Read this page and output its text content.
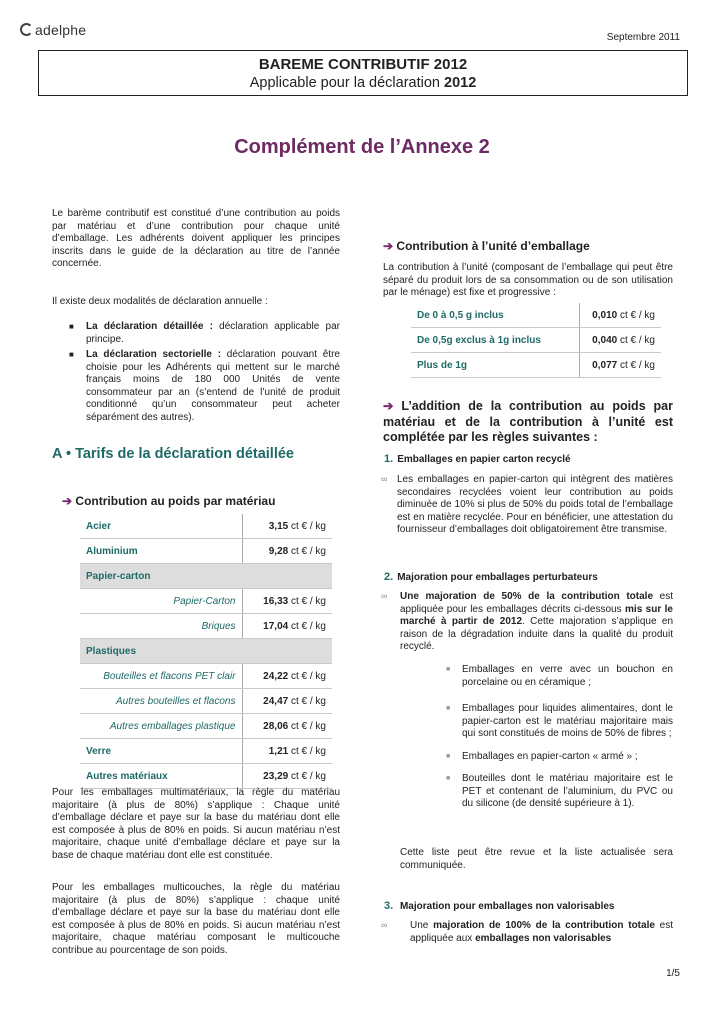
adelphe	Septembre 2011
BAREME CONTRIBUTIF 2012
Applicable pour la déclaration 2012
Complément de l’Annexe 2
Le barème contributif est constitué d’une contribution au poids par matériau et d’une contribution pour chaque unité d’emballage. Les adhérents doivent appliquer les principes inscrits dans le guide de la déclaration au titre de l’année concernée.
Il existe deux modalités de déclaration annuelle :
■ La déclaration détaillée : déclaration applicable par principe.
■ La déclaration sectorielle : déclaration pouvant être choisie pour les Adhérents qui mettent sur le marché français moins de 180 000 Unités de vente consommateur par an (s’entend de l’unité de produit conditionné qu’un consommateur peut acheter séparément des autres).
A • Tarifs de la déclaration détaillée
➔ Contribution au poids par matériau
Acier	3,15 ct € / kg
Aluminium	9,28 ct € / kg
Papier-carton	
Papier-Carton	16,33 ct € / kg
Briques	17,04 ct € / kg
Plastiques	
Bouteilles et flacons PET clair	24,22 ct € / kg
Autres bouteilles et flacons	24,47 ct € / kg
Autres emballages plastique	28,06 ct € / kg
Verre	1,21 ct € / kg
Autres matériaux	23,29 ct € / kg
Pour les emballages multimatériaux, la règle du matériau majoritaire (à plus de 80%) s’applique : Chaque unité d’emballage déclare et paye sur la base du matériau dont elle est composée à plus de 80% en poids. Si aucun matériau n’est majoritaire, chaque unité d’emballage déclare et paye sur la base de chaque matériau dont elle est constituée.
Pour les emballages multicouches, la règle du matériau majoritaire (à plus de 80%) s’applique : chaque unité d’emballage déclare et paye sur la base du matériau dont elle est composée à plus de 80% en poids. Si aucun matériau n’est majoritaire, chaque matériau composant le multicouche contribue au pourcentage de son poids.
➔ Contribution à l’unité d’emballage
La contribution à l’unité (composant de l’emballage qui peut être séparé du produit lors de sa consommation ou de son utilisation par le ménage) est fixe et progressive :
De 0 à 0,5 g inclus	0,010 ct € / kg
De 0,5g exclus à 1g inclus	0,040 ct € / kg
Plus de 1g	0,077 ct € / kg
➔ L’addition de la contribution au poids par matériau et de la contribution à l’unité est complétée par les règles suivantes :
1. Emballages en papier carton recyclé
∞ Les emballages en papier-carton qui intègrent des matières secondaires recyclées voient leur contribution au poids diminuée de 10% si plus de 50% du poids total de l’emballage est en matière recyclée. Pour en bénéficier, une attestation du fournisseur d’emballages doit obligatoirement être transmise.
2. Majoration pour emballages perturbateurs
∞	Une majoration de 50% de la contribution totale est appliquée pour les emballages décrits ci-dessous mis sur le marché à partir de 2012. Cette majoration s’applique en raison de la dégradation induite dans la qualité du produit recyclé.
■ Emballages en verre avec un bouchon en porcelaine ou en céramique ;
■ Emballages pour liquides alimentaires, dont le papier-carton est le matériau majoritaire mais qui sont constitués de moins de 50% de fibres ;
■ Emballages en papier-carton « armé » ;
■ Bouteilles dont le matériau majoritaire est le PET et contenant de l’aluminium, du PVC ou du silicone (de densité supérieure à 1).
Cette liste peut être revue et la liste actualisée sera communiquée.
3. Majoration pour emballages non valorisables
∞	Une majoration de 100% de la contribution totale est appliquée aux emballages non valorisables
1/5
